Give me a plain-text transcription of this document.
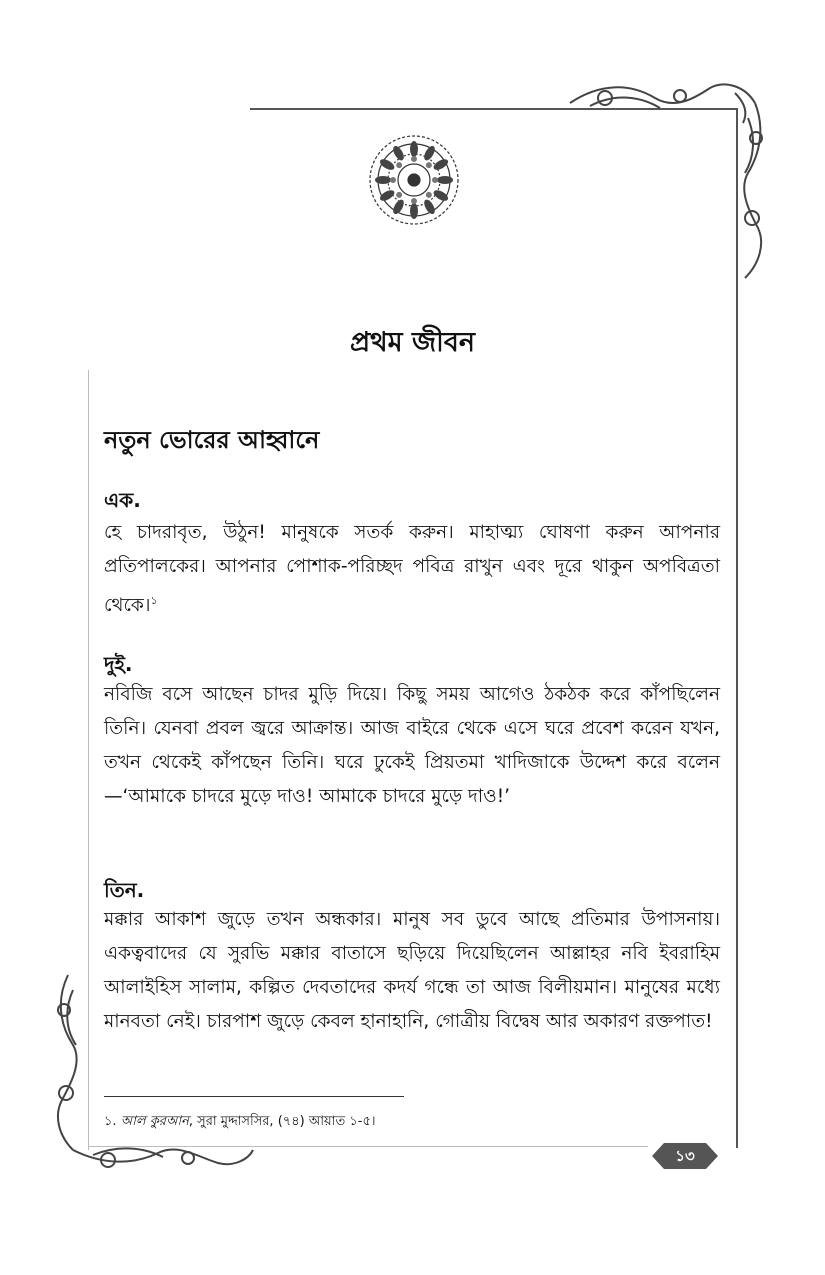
প্রথম জীবন
নতুন ভোরের আহ্বানে
এক.

হে চাদরাবৃত, উঠুন! মানুষকে সতর্ক করুন। মাহাত্ম্য ঘোষণা করুন আপনার প্রতিপালকের। আপনার পোশাক-পরিচ্ছদ পবিত্র রাখুন এবং দূরে থাকুন অপবিত্রতা থেকে।$^১$

দুই.

নবিজি বসে আছেন চাদর মুড়ি দিয়ে। কিছু সময় আগেও ঠকঠক করে কাঁপছিলেন তিনি। যেনবা প্রবল জ্বরে আক্রান্ত। আজ বাইরে থেকে এসে ঘরে প্রবেশ করেন যখন, তখন থেকেই কাঁপছেন তিনি। ঘরে ঢুকেই প্রিয়তমা খাদিজাকে উদ্দেশ করে বলেন—‘আমাকে চাদরে মুড়ে দাও! আমাকে চাদরে মুড়ে দাও!’

তিন.

মক্কার আকাশ জুড়ে তখন অন্ধকার। মানুষ সব ডুবে আছে প্রতিমার উপাসনায়। একত্ববাদের যে সুরভি মক্কার বাতাসে ছড়িয়ে দিয়েছিলেন আল্লাহর নবি ইবরাহিম আলাইহিস সালাম, কল্পিত দেবতাদের কদর্য গন্ধে তা আজ বিলীয়মান। মানুষের মধ্যে মানবতা নেই। চারপাশ জুড়ে কেবল হানাহানি, গোত্রীয় বিদ্বেষ আর অকারণ রক্তপাত!

১. আল কুরআন, সুরা মুদ্দাসসির, (৭৪) আয়াত ১-৫।

১৩
